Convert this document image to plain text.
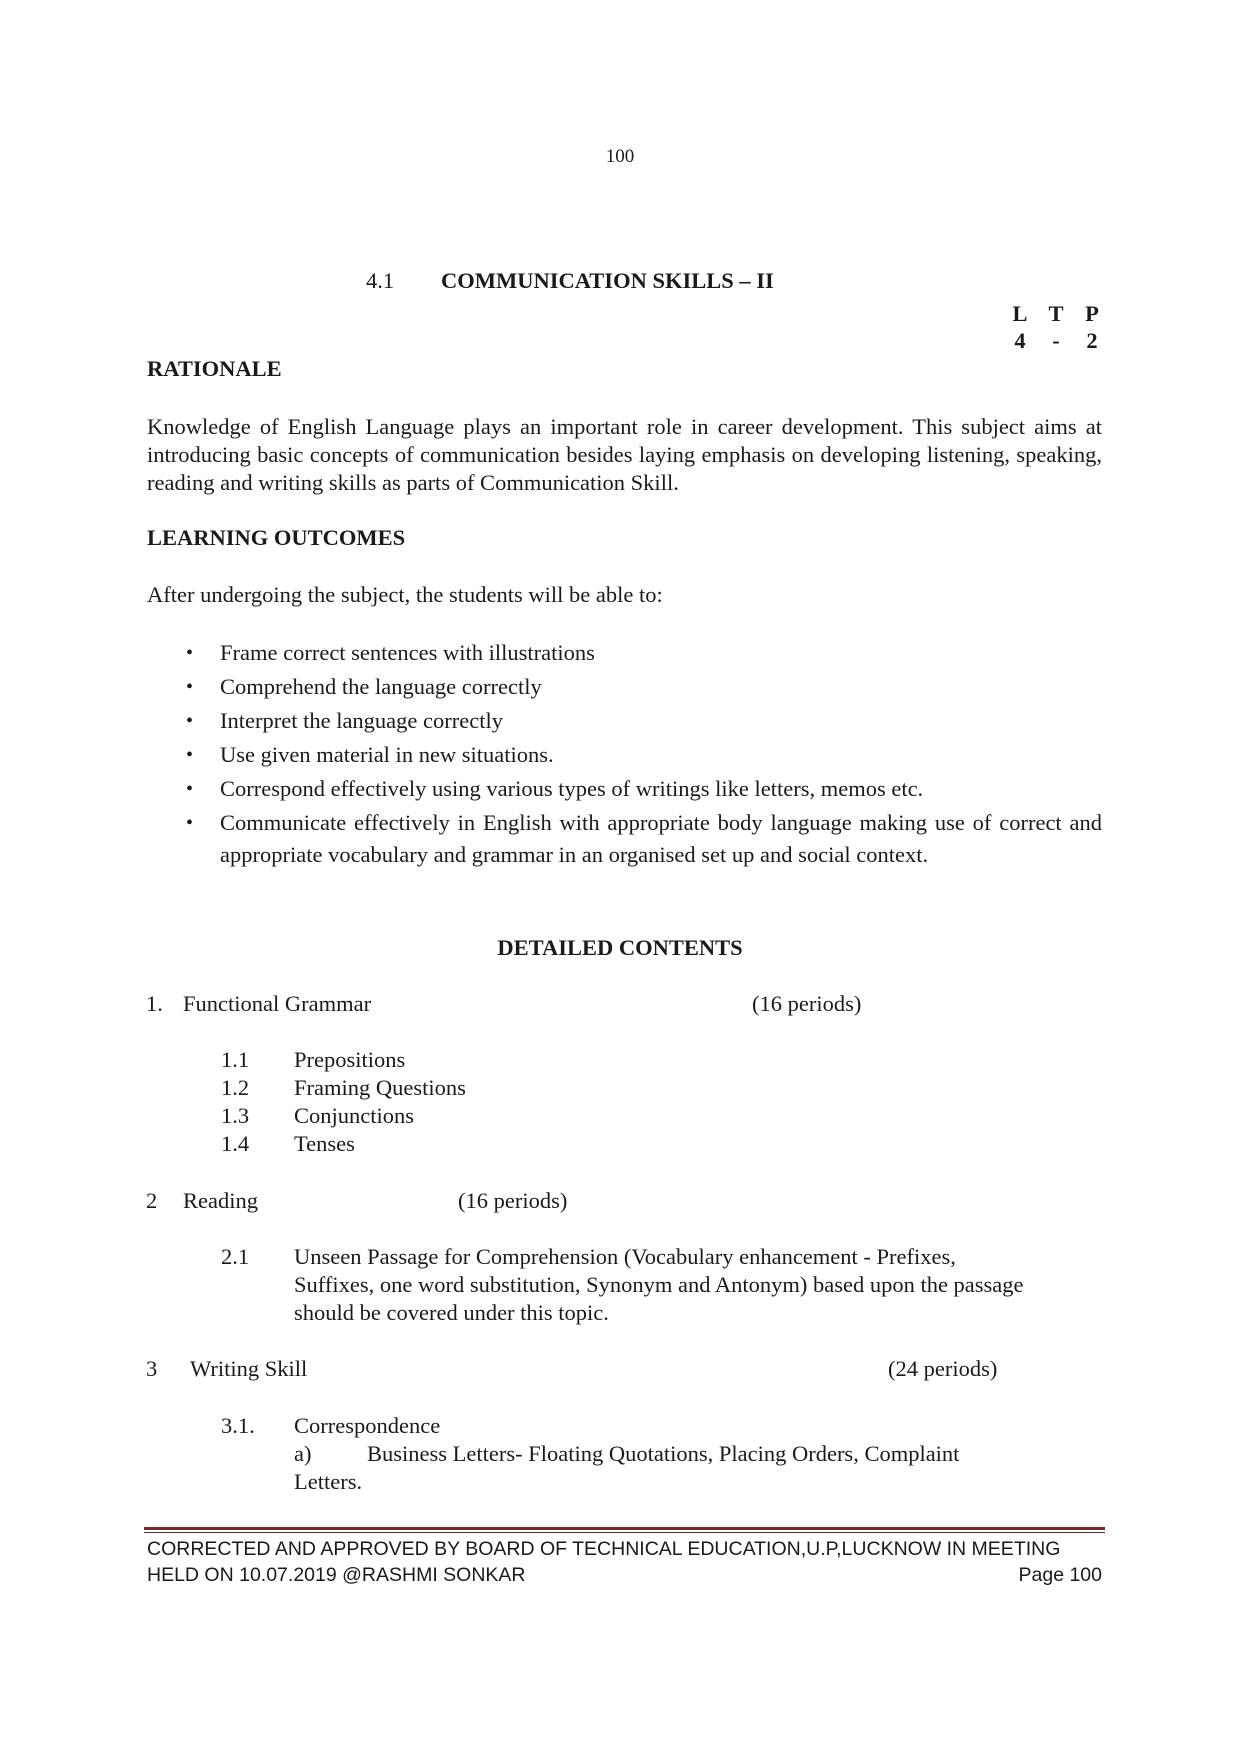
100
4.1 COMMUNICATION SKILLS – II
L T P
4 - 2
RATIONALE
Knowledge of English Language plays an important role in career development. This subject aims at introducing basic concepts of communication besides laying emphasis on developing listening, speaking, reading and writing skills as parts of Communication Skill.
LEARNING OUTCOMES
After undergoing the subject, the students will be able to:
• Frame correct sentences with illustrations
• Comprehend the language correctly
• Interpret the language correctly
• Use given material in new situations.
• Correspond effectively using various types of writings like letters, memos etc.
• Communicate effectively in English with appropriate body language making use of correct and appropriate vocabulary and grammar in an organised set up and social context.
DETAILED CONTENTS
1. Functional Grammar	(16 periods)
1.1 Prepositions
1.2 Framing Questions
1.3 Conjunctions
1.4 Tenses
2 Reading	(16 periods)
2.1 Unseen Passage for Comprehension (Vocabulary enhancement - Prefixes,
Suffixes, one word substitution, Synonym and Antonym) based upon the passage
should be covered under this topic.
3 Writing Skill	(24 periods)
3.1. Correspondence
a) Business Letters- Floating Quotations, Placing Orders, Complaint
Letters.
CORRECTED AND APPROVED BY BOARD OF TECHNICAL EDUCATION,U.P,LUCKNOW IN MEETING
HELD ON 10.07.2019 @RASHMI SONKAR	Page 100
